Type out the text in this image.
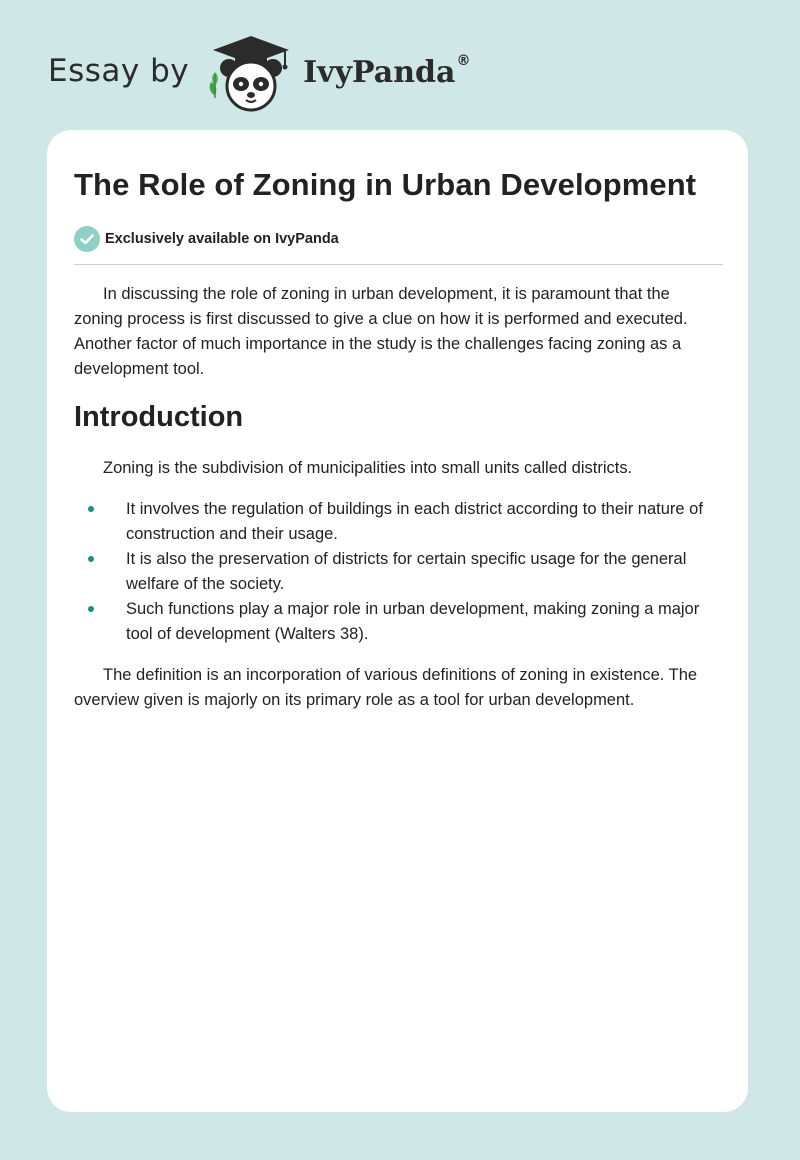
Essay by	IvyPanda®
The Role of Zoning in Urban Development
Exclusively available on IvyPanda

In discussing the role of zoning in urban development, it is paramount that the zoning process is first discussed to give a clue on how it is performed and executed. Another factor of much importance in the study is the challenges facing zoning as a development tool.

Introduction

Zoning is the subdivision of municipalities into small units called districts.

It involves the regulation of buildings in each district according to their nature of construction and their usage.
It is also the preservation of districts for certain specific usage for the general welfare of the society.
Such functions play a major role in urban development, making zoning a major tool of development (Walters 38).

The definition is an incorporation of various definitions of zoning in existence. The overview given is majorly on its primary role as a tool for urban development.
